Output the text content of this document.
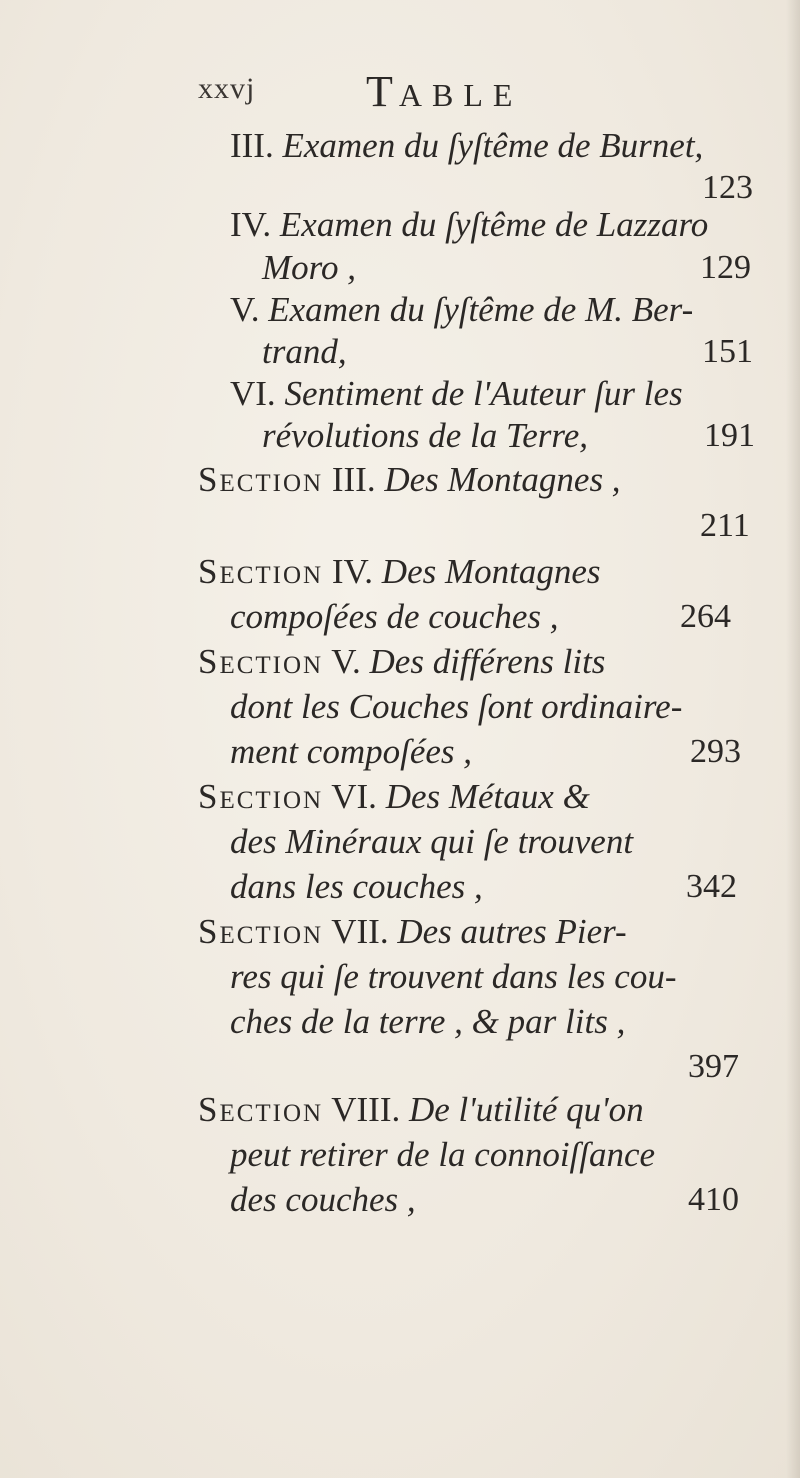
xxvj	TABLE
III. Examen du ſyſtême de Burnet,
123
IV. Examen du ſyſtême de Lazzaro
Moro ,	129
V. Examen du ſyſtême de M. Ber-
trand,	151
VI. Sentiment de l'Auteur ſur les
révolutions de la Terre,	191
Section III. Des Montagnes ,
211
Section IV. Des Montagnes
compoſées de couches ,	264
Section V. Des différens lits
dont les Couches ſont ordinaire-
ment compoſées ,	293
Section VI. Des Métaux &
des Minéraux qui ſe trouvent
dans les couches ,	342
Section VII. Des autres Pier-
res qui ſe trouvent dans les cou-
ches de la terre , & par lits ,
397
Section VIII. De l'utilité qu'on
peut retirer de la connoiſſance
des couches ,	410
